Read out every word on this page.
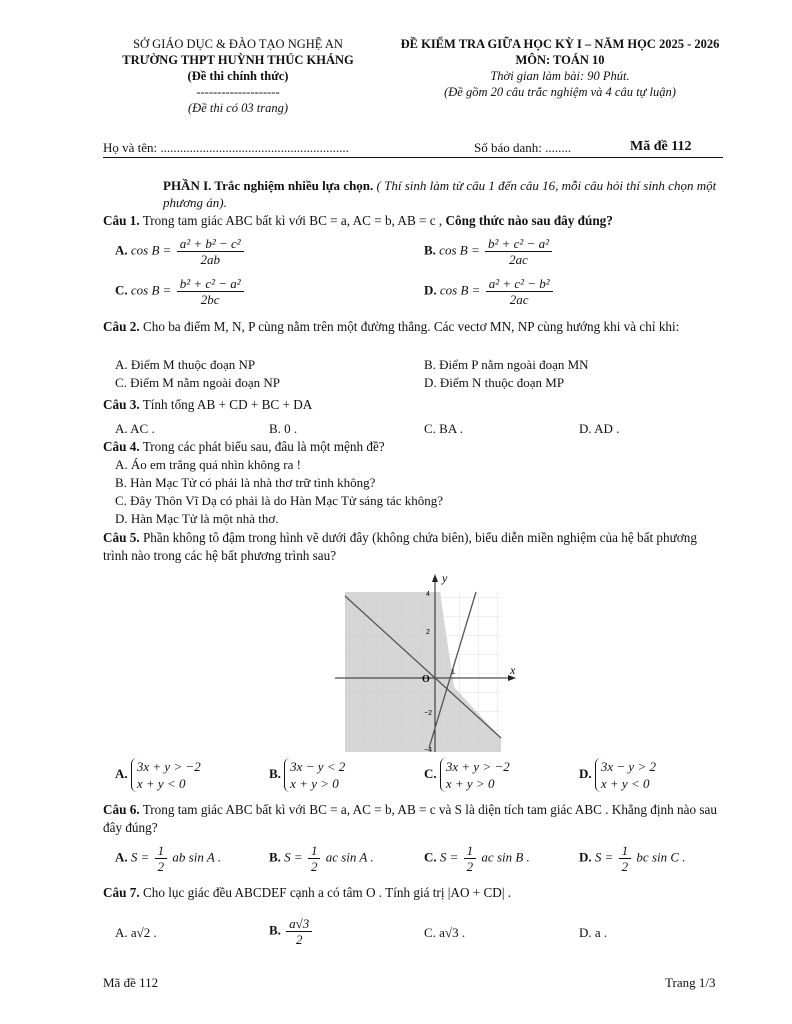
SỞ GIÁO DỤC & ĐÀO TẠO NGHỆ AN
TRƯỜNG THPT HUỲNH THÚC KHÁNG
(Đề thi chính thức)
--------------------
(Đề thi có 03 trang)
ĐỀ KIỂM TRA GIỮA HỌC KỲ I – NĂM HỌC 2025 - 2026
MÔN: TOÁN 10
Thời gian làm bài: 90 Phút.
(Đề gồm 20 câu trắc nghiệm và 4 câu tự luận)
Họ và tên: ..........................................................	Số báo danh: ........	Mã đề 112
PHẦN I. Trắc nghiệm nhiều lựa chọn. ( Thí sinh làm từ câu 1 đến câu 16, mỗi câu hỏi thí sinh chọn một phương án).
Câu 1. Trong tam giác ABC bất kì với BC = a, AC = b, AB = c , Công thức nào sau đây đúng?
A. $\cos B = \frac{\text{a² + b² − c²}}{2ab}$	B. $\cos B = \frac{\text{b² + c² − a²}}{2ac}$
C. $\cos B = \frac{\text{b² + c² − a²}}{2bc}$	D. $\cos B = \frac{\text{a² + c² − b²}}{2ac}$
Câu 2. Cho ba điểm M, N, P cùng nằm trên một đường thẳng. Các vectơ MN, NP cùng hướng khi và chỉ khi:
A. Điểm M thuộc đoạn NP	B. Điểm P nằm ngoài đoạn MN
C. Điểm M nằm ngoài đoạn NP	D. Điểm N thuộc đoạn MP
Câu 3. Tính tổng AB + CD + BC + DA
A. AC .	B. 0 .	C. BA .	D. AD .
Câu 4. Trong các phát biểu sau, đâu là một mệnh đề?
A. Áo em trắng quá nhìn không ra !
B. Hàn Mạc Tử có phải là nhà thơ trữ tình không?
C. Đây Thôn Vĩ Dạ có phải là do Hàn Mạc Tử sáng tác không?
D. Hàn Mạc Tử là một nhà thơ.
Câu 5. Phần không tô đậm trong hình vẽ dưới đây (không chứa biên), biểu diễn miền nghiệm của hệ bất phương trình nào trong các hệ bất phương trình sau?
y
x
O
4
2
1
−2
−4
A. 3x + y > −2
x + y < 0
B. 3x − y < 2
x + y > 0
C. 3x + y > −2
x + y > 0
D. 3x − y > 2
x + y < 0
Câu 6. Trong tam giác ABC bất kì với BC = a, AC = b, AB = c và S là diện tích tam giác ABC . Khẳng định nào sau đây đúng?
A. $S = \frac{1}{2}$ ab sin A .	B. $S = \frac{1}{2}$ ac sin A .	C. $S = \frac{1}{2}$ ac sin B .	D. $S = \frac{1}{2}$ bc sin C .
Câu 7. Cho lục giác đều ABCDEF cạnh a có tâm O . Tính giá trị |AO + CD| .
A. a√2 .	B. $\frac{a√3}{2}$	C. a√3 .	D. a .
Mã đề 112	Trang 1/3
